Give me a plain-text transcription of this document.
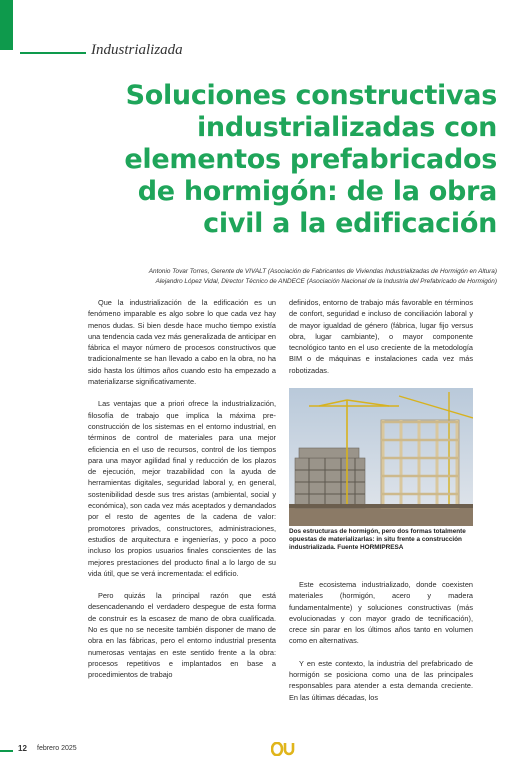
Industrializada
Soluciones constructivas
industrializadas con
elementos prefabricados
de hormigón: de la obra
civil a la edificación
Antonio Tovar Torres, Gerente de VIVALT (Asociación de Fabricantes de Viviendas Industrializadas de Hormigón en Altura)
Alejandro López Vidal, Director Técnico de ANDECE (Asociación Nacional de la Industria del Prefabricado de Hormigón)

Que la industrialización de la edificación es un fenómeno imparable es algo sobre lo que cada vez hay menos dudas. Si bien desde hace mucho tiempo existía una tendencia cada vez más generalizada de anticipar en fábrica el mayor número de procesos constructivos que tradicionalmente se han llevado a cabo en la obra, no ha sido hasta los últimos años cuando esto ha empezado a materializarse significativamente.

Las ventajas que a priori ofrece la industrialización, filosofía de trabajo que implica la máxima pre-construcción de los sistemas en el entorno industrial, en términos de control de materiales para una mejor eficiencia en el uso de recursos, control de los tiempos para una mayor agilidad final y reducción de los plazos de ejecución, mejor trazabilidad con la ayuda de herramientas digitales, seguridad laboral y, en general, sostenibilidad desde sus tres aristas (ambiental, social y económica), son cada vez más aceptados y demandados por el resto de agentes de la cadena de valor: promotores privados, constructores, administraciones, estudios de arquitectura e ingenierías, y poco a poco incluso los propios usuarios finales conscientes de las mejores prestaciones del producto final a lo largo de su vida útil, que se verá incrementada: el edificio.

Pero quizás la principal razón que está desencadenando el verdadero despegue de esta forma de construir es la escasez de mano de obra cualificada. No es que no se necesite también disponer de mano de obra en las fábricas, pero el entorno industrial presenta numerosas ventajas en este sentido frente a la obra: procesos repetitivos e implantados en base a procedimientos de trabajo

definidos, entorno de trabajo más favorable en términos de confort, seguridad e incluso de conciliación laboral y de mayor igualdad de género (fábrica, lugar fijo versus obra, lugar cambiante), o mayor componente tecnológico tanto en el uso creciente de la metodología BIM o de máquinas e instalaciones cada vez más robotizadas.

Dos estructuras de hormigón, pero dos formas totalmente opuestas de materializarlas: in situ frente a construcción industrializada. Fuente HORMIPRESA

Este ecosistema industrializado, donde coexisten materiales (hormigón, acero y madera fundamentalmente) y soluciones constructivas (más evolucionadas y con mayor grado de tecnificación), crece sin parar en los últimos años tanto en volumen como en alternativas.

Y en este contexto, la industria del prefabricado de hormigón se posiciona como una de las principales responsables para atender a esta demanda creciente. En las últimas décadas, los

12 febrero 2025
